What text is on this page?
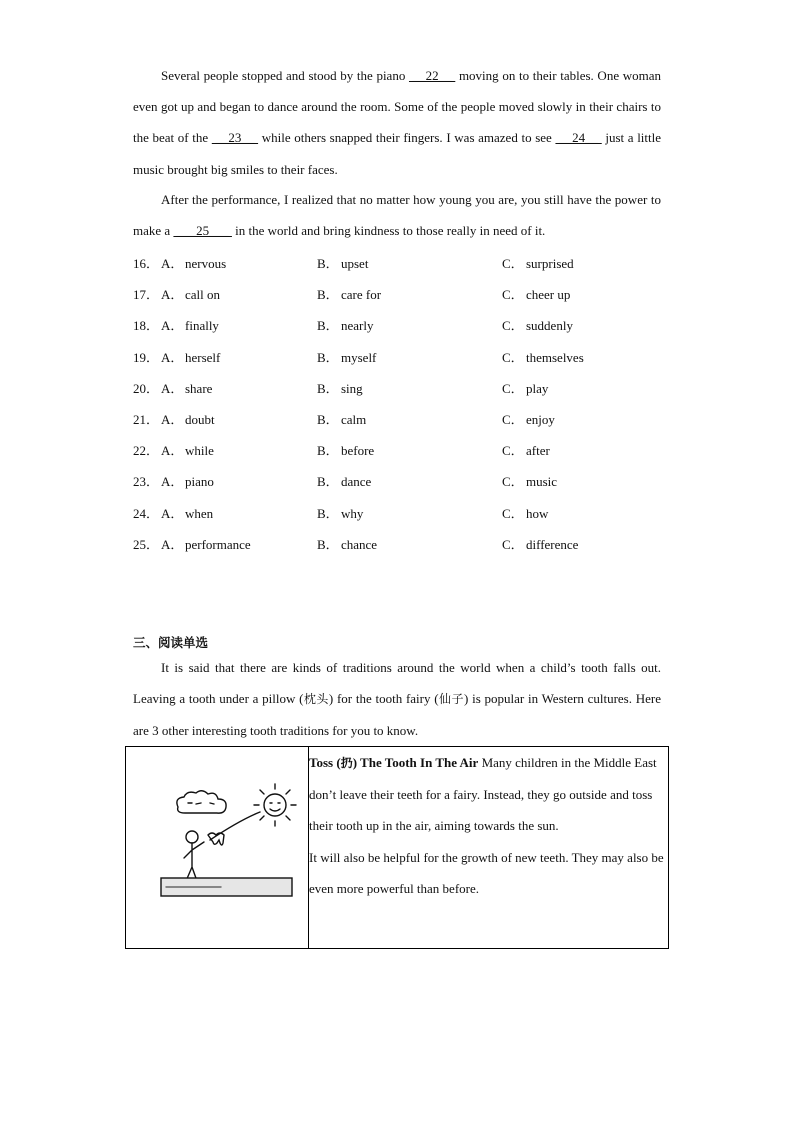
Several people stopped and stood by the piano  __22__  moving on to their tables. One woman even got up and began to dance around the room. Some of the people moved slowly in their chairs to the beat of the  __23__  while others snapped their fingers. I was amazed to see  __24__  just a little music brought big smiles to their faces.

After the performance, I realized that no matter how young you are, you still have the power to make a  ___25___  in the world and bring kindness to those really in need of it.

16． A． nervous	B． upset	C． surprised
17． A． call on	B． care for	C． cheer up
18． A． finally	B． nearly	C． suddenly
19． A． herself	B． myself	C． themselves
20． A． share	B． sing	C． play
21． A． doubt	B． calm	C． enjoy
22． A． while	B． before	C． after
23． A． piano	B． dance	C． music
24． A． when	B． why	C． how
25． A． performance	B． chance	C． difference
三、阅读单选

It is said that there are kinds of traditions around the world when a child’s tooth falls out. Leaving a tooth under a pillow (枕头) for the tooth fairy (仙子) is popular in Western cultures. Here are 3 other interesting tooth traditions for you to know.

Toss (扔) The Tooth In The Air Many children in the Middle East don’t leave their teeth for a fairy. Instead, they go outside and toss their tooth up in the air, aiming towards the sun.
It will also be helpful for the growth of new teeth. They may also be even more powerful than before.
